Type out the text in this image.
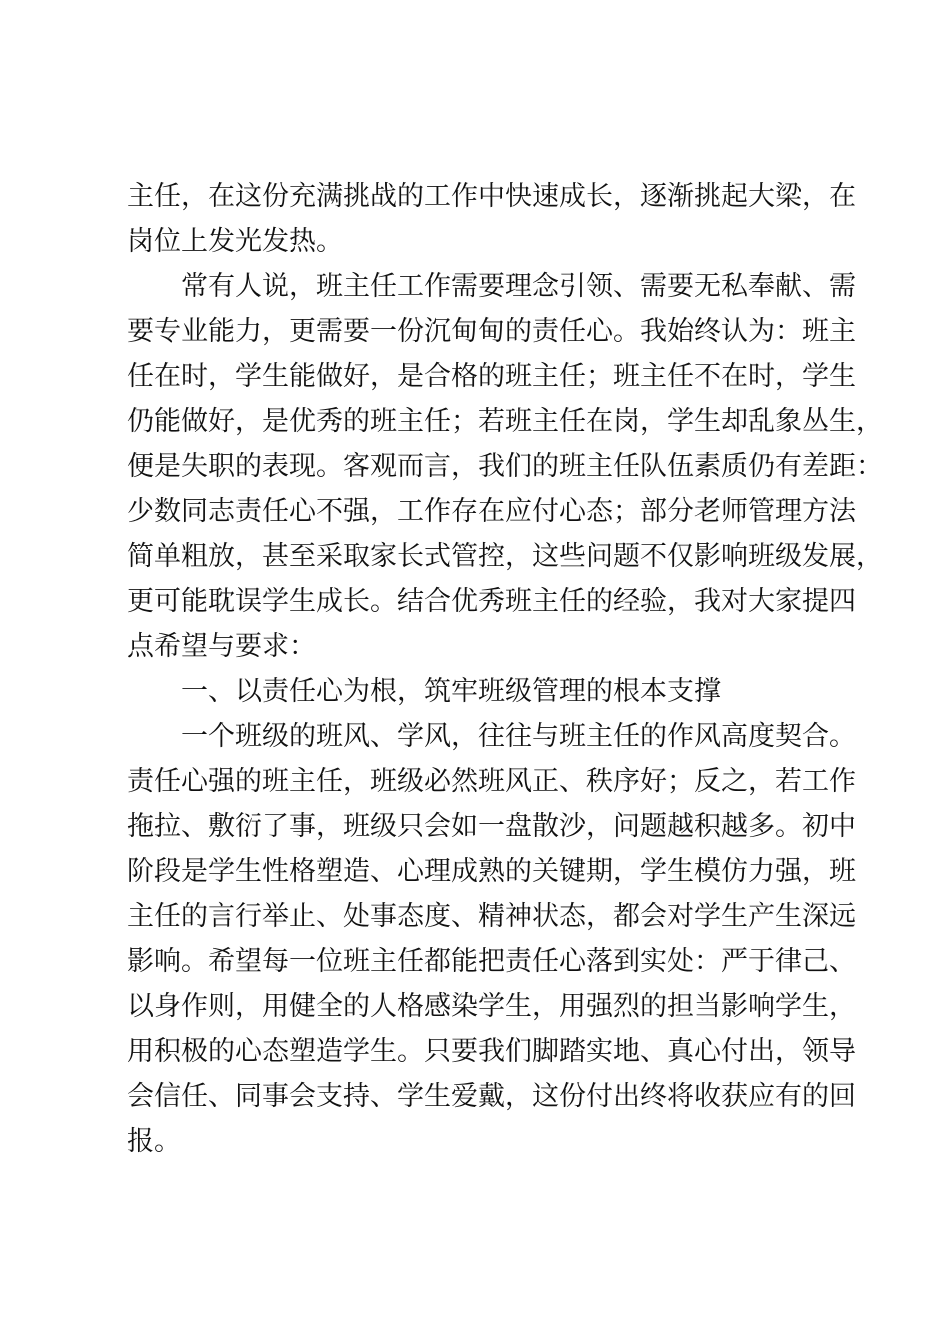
主任，在这份充满挑战的工作中快速成长，逐渐挑起大梁，在
岗位上发光发热。

常有人说，班主任工作需要理念引领、需要无私奉献、需
要专业能力，更需要一份沉甸甸的责任心。我始终认为：班主
任在时，学生能做好，是合格的班主任；班主任不在时，学生
仍能做好，是优秀的班主任；若班主任在岗，学生却乱象丛生，
便是失职的表现。客观而言，我们的班主任队伍素质仍有差距：
少数同志责任心不强，工作存在应付心态；部分老师管理方法
简单粗放，甚至采取家长式管控，这些问题不仅影响班级发展，
更可能耽误学生成长。结合优秀班主任的经验，我对大家提四
点希望与要求：

一、以责任心为根，筑牢班级管理的根本支撑

一个班级的班风、学风，往往与班主任的作风高度契合。
责任心强的班主任，班级必然班风正、秩序好；反之，若工作
拖拉、敷衍了事，班级只会如一盘散沙，问题越积越多。初中
阶段是学生性格塑造、心理成熟的关键期，学生模仿力强，班
主任的言行举止、处事态度、精神状态，都会对学生产生深远
影响。希望每一位班主任都能把责任心落到实处：严于律己、
以身作则，用健全的人格感染学生，用强烈的担当影响学生，
用积极的心态塑造学生。只要我们脚踏实地、真心付出，领导
会信任、同事会支持、学生爱戴，这份付出终将收获应有的回
报。
